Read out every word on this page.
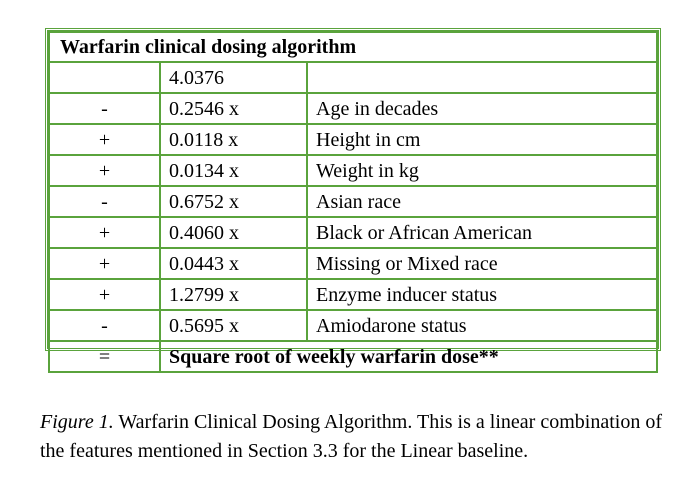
Warfarin clinical dosing algorithm		
	4.0376	
-	0.2546 x	Age in decades
+	0.0118 x	Height in cm
+	0.0134 x	Weight in kg
-	0.6752 x	Asian race
+	0.4060 x	Black or African American
+	0.0443 x	Missing or Mixed race
+	1.2799 x	Enzyme inducer status
-	0.5695 x	Amiodarone status
=	Square root of weekly warfarin dose**	

Figure 1. Warfarin Clinical Dosing Algorithm. This is a linear combination of the features mentioned in Section 3.3 for the Linear baseline.
